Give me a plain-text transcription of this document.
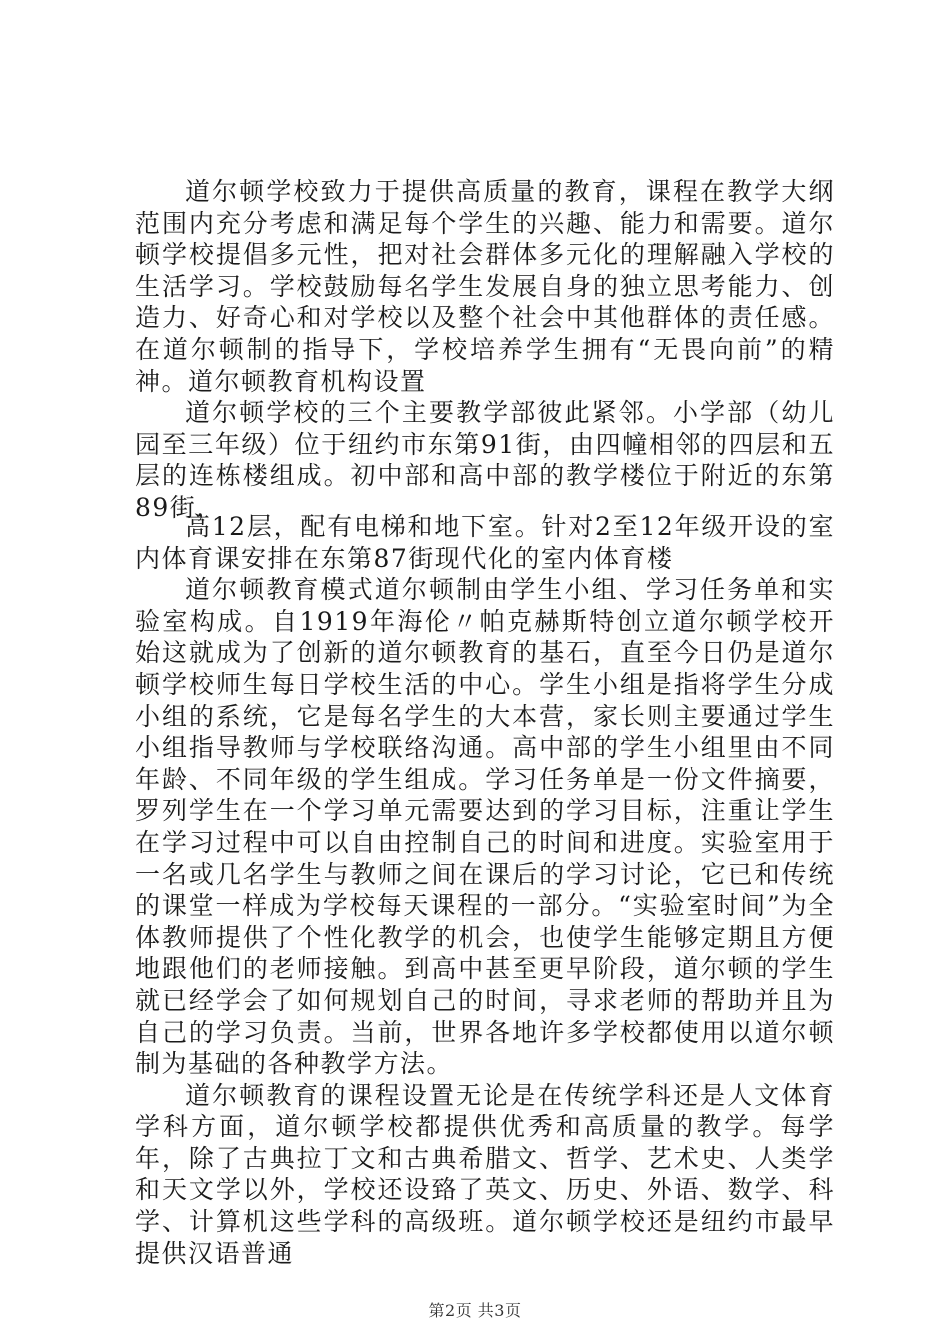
道尔顿学校致力于提供高质量的教育，课程在教学大纲范围内充分考虑和满足每个学生的兴趣、能力和需要。道尔顿学校提倡多元性，把对社会群体多元化的理解融入学校的生活学习。学校鼓励每名学生发展自身的独立思考能力、创造力、好奇心和对学校以及整个社会中其他群体的责任感。在道尔顿制的指导下，学校培养学生拥有“无畏向前”的精神。道尔顿教育机构设置

道尔顿学校的三个主要教学部彼此紧邻。小学部（幼儿园至三年级）位于纽约市东第91街，由四幢相邻的四层和五层的连栋楼组成。初中部和高中部的教学楼位于附近的东第89街，

高12层，配有电梯和地下室。针对2至12年级开设的室内体育课安排在东第87街现代化的室内体育楼

道尔顿教育模式道尔顿制由学生小组、学习任务单和实验室构成。自1919年海伦〃帕克赫斯特创立道尔顿学校开始这就成为了创新的道尔顿教育的基石，直至今日仍是道尔顿学校师生每日学校生活的中心。学生小组是指将学生分成小组的系统，它是每名学生的大本营，家长则主要通过学生小组指导教师与学校联络沟通。高中部的学生小组里由不同年龄、不同年级的学生组成。学习任务单是一份文件摘要，罗列学生在一个学习单元需要达到的学习目标，注重让学生在学习过程中可以自由控制自己的时间和进度。实验室用于一名或几名学生与教师之间在课后的学习讨论，它已和传统的课堂一样成为学校每天课程的一部分。“实验室时间”为全体教师提供了个性化教学的机会，也使学生能够定期且方便地跟他们的老师接触。到高中甚至更早阶段，道尔顿的学生就已经学会了如何规划自己的时间，寻求老师的帮助并且为自己的学习负责。当前，世界各地许多学校都使用以道尔顿制为基础的各种教学方法。

道尔顿教育的课程设置无论是在传统学科还是人文体育学科方面，道尔顿学校都提供优秀和高质量的教学。每学年，除了古典拉丁文和古典希腊文、哲学、艺术史、人类学和天文学以外，学校还设臵了英文、历史、外语、数学、科学、计算机这些学科的高级班。道尔顿学校还是纽约市最早提供汉语普通

第2页 共3页
